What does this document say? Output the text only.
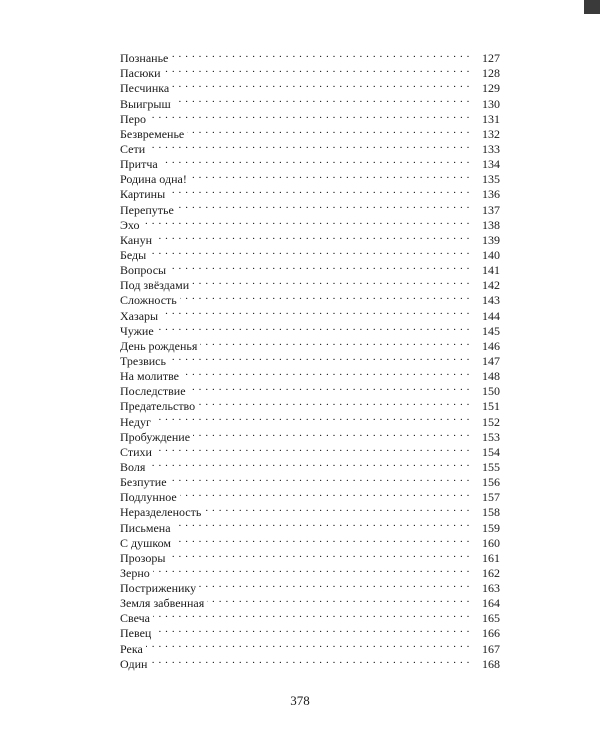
Познанье . . .	127
Пасюки . . .	128
Песчинка . . .	129
Выигрыш . . .	130
Перо . . .	131
Безвременье . . .	132
Сети . . .	133
Притча . . .	134
Родина одна! . . .	135
Картины . . .	136
Перепутье . . .	137
Эхо . . .	138
Канун . . .	139
Беды . . .	140
Вопросы . . .	141
Под звёздами . . .	142
Сложность . . .	143
Хазары . . .	144
Чужие . . .	145
День рожденья . . .	146
Трезвись . . .	147
На молитве . . .	148
Последствие . . .	150
Предательство . . .	151
Недуг . . .	152
Пробуждение . . .	153
Стихи . . .	154
Воля . . .	155
Безпутие . . .	156
Подлунное . . .	157
Неразделеность . . .	158
Письмена . . .	159
С душком . . .	160
Прозоры . . .	161
Зерно . . .	162
Постриженику . . .	163
Земля забвенная . . .	164
Свеча . . .	165
Певец . . .	166
Река . . .	167
Один . . .	168
378
